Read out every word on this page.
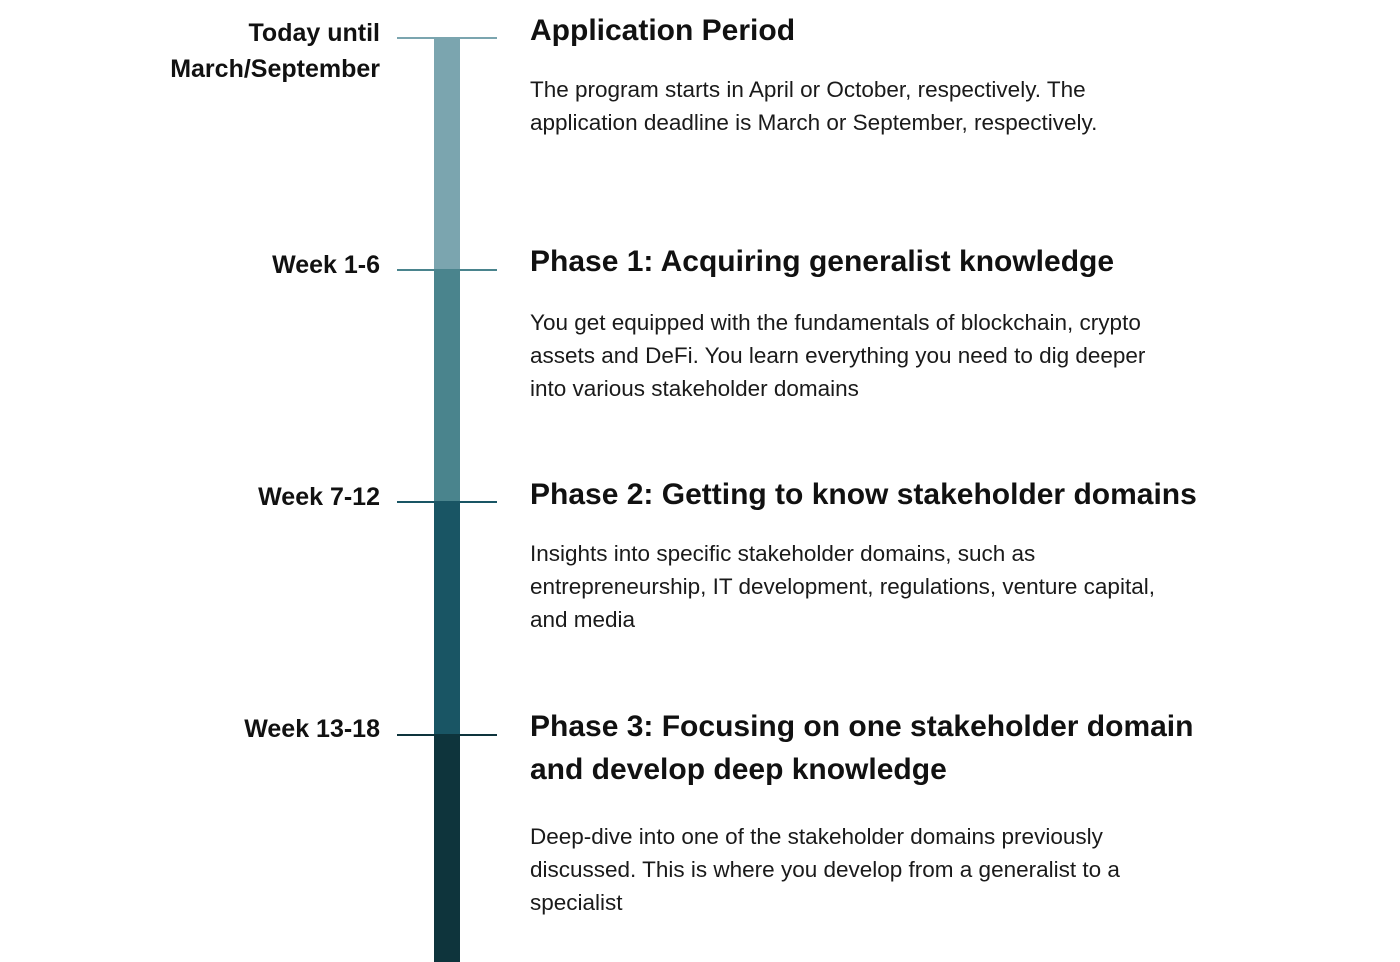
Today until
March/September
Week 1-6
Week 7-12
Week 13-18
Application Period
Phase 1: Acquiring generalist knowledge
Phase 2: Getting to know stakeholder domains
Phase 3: Focusing on one stakeholder domain and develop deep knowledge

The program starts in April or October, respectively. The application deadline is March or September, respectively.

You get equipped with the fundamentals of blockchain, crypto assets and DeFi. You learn everything you need to dig deeper into various stakeholder domains

Insights into specific stakeholder domains, such as entrepreneurship, IT development, regulations, venture capital, and media

Deep-dive into one of the stakeholder domains previously discussed. This is where you develop from a generalist to a specialist
